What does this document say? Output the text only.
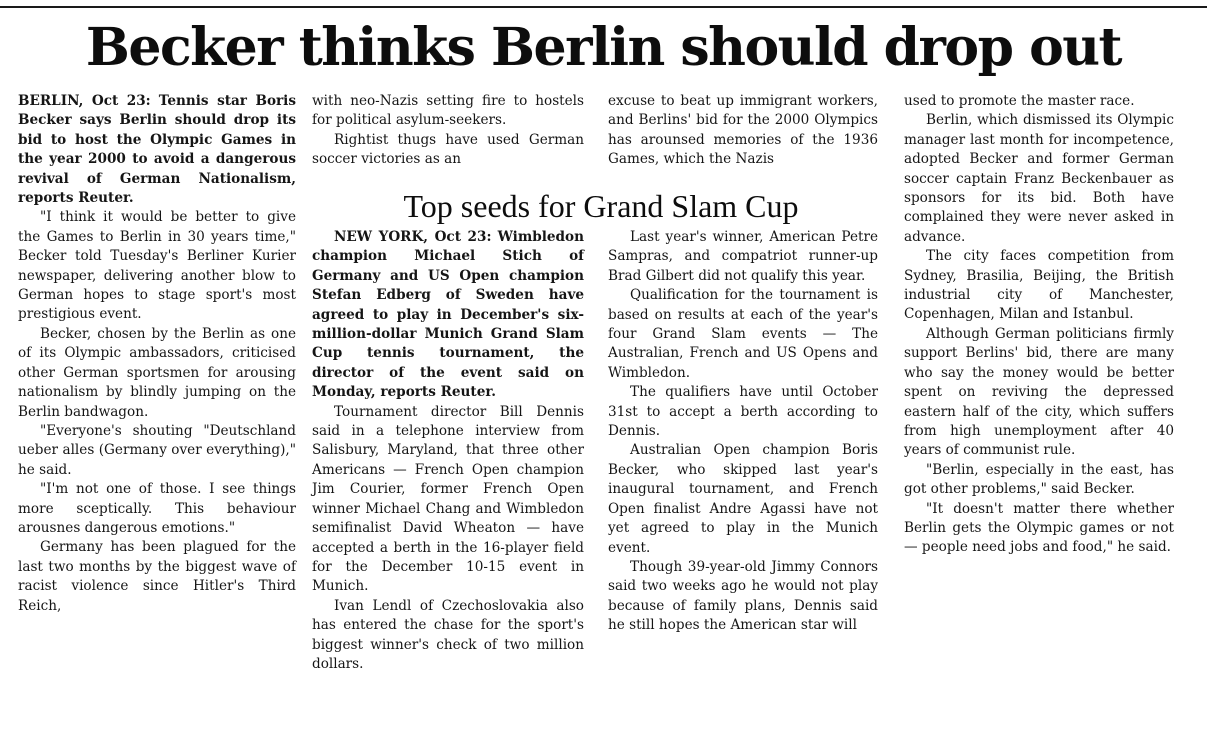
Becker thinks Berlin should drop out

BERLIN, Oct 23: Tennis star Boris Becker says Berlin should drop its bid to host the Olympic Games in the year 2000 to avoid a dangerous revival of German Nationalism, reports Reuter.

"I think it would be better to give the Games to Berlin in 30 years time," Becker told Tuesday's Berliner Kurier newspaper, delivering another blow to German hopes to stage sport's most prestigious event.

Becker, chosen by the Berlin as one of its Olympic ambassadors, criticised other German sportsmen for arousing nationalism by blindly jumping on the Berlin bandwagon.

"Everyone's shouting "Deutschland ueber alles (Germany over everything)," he said.

"I'm not one of those. I see things more sceptically. This behaviour arousnes dangerous emotions."

Germany has been plagued for the last two months by the biggest wave of racist violence since Hitler's Third Reich,

with neo-Nazis setting fire to hostels for political asylum-seekers.

Rightist thugs have used German soccer victories as an

excuse to beat up immigrant workers, and Berlins' bid for the 2000 Olympics has arounsed memories of the 1936 Games, which the Nazis

used to promote the master race.

Berlin, which dismissed its Olympic manager last month for incompetence, adopted Becker and former German soccer captain Franz Beckenbauer as sponsors for its bid. Both have complained they were never asked in advance.

The city faces competition from Sydney, Brasilia, Beijing, the British industrial city of Manchester, Copenhagen, Milan and Istanbul.

Although German politicians firmly support Berlins' bid, there are many who say the money would be better spent on reviving the depressed eastern half of the city, which suffers from high unemployment after 40 years of communist rule.

"Berlin, especially in the east, has got other problems," said Becker.

"It doesn't matter there whether Berlin gets the Olympic games or not — people need jobs and food," he said.

Top seeds for Grand Slam Cup

NEW YORK, Oct 23: Wimbledon champion Michael Stich of Germany and US Open champion Stefan Edberg of Sweden have agreed to play in December's six-million-dollar Munich Grand Slam Cup tennis tournament, the director of the event said on Monday, reports Reuter.

Tournament director Bill Dennis said in a telephone interview from Salisbury, Maryland, that three other Americans — French Open champion Jim Courier, former French Open winner Michael Chang and Wimbledon semifinalist David Wheaton — have accepted a berth in the 16-player field for the December 10-15 event in Munich.

Ivan Lendl of Czechoslovakia also has entered the chase for the sport's biggest winner's check of two million dollars.

Last year's winner, American Petre Sampras, and compatriot runner-up Brad Gilbert did not qualify this year.

Qualification for the tournament is based on results at each of the year's four Grand Slam events — The Australian, French and US Opens and Wimbledon.

The qualifiers have until October 31st to accept a berth according to Dennis.

Australian Open champion Boris Becker, who skipped last year's inaugural tournament, and French Open finalist Andre Agassi have not yet agreed to play in the Munich event.

Though 39-year-old Jimmy Connors said two weeks ago he would not play because of family plans, Dennis said he still hopes the American star will
